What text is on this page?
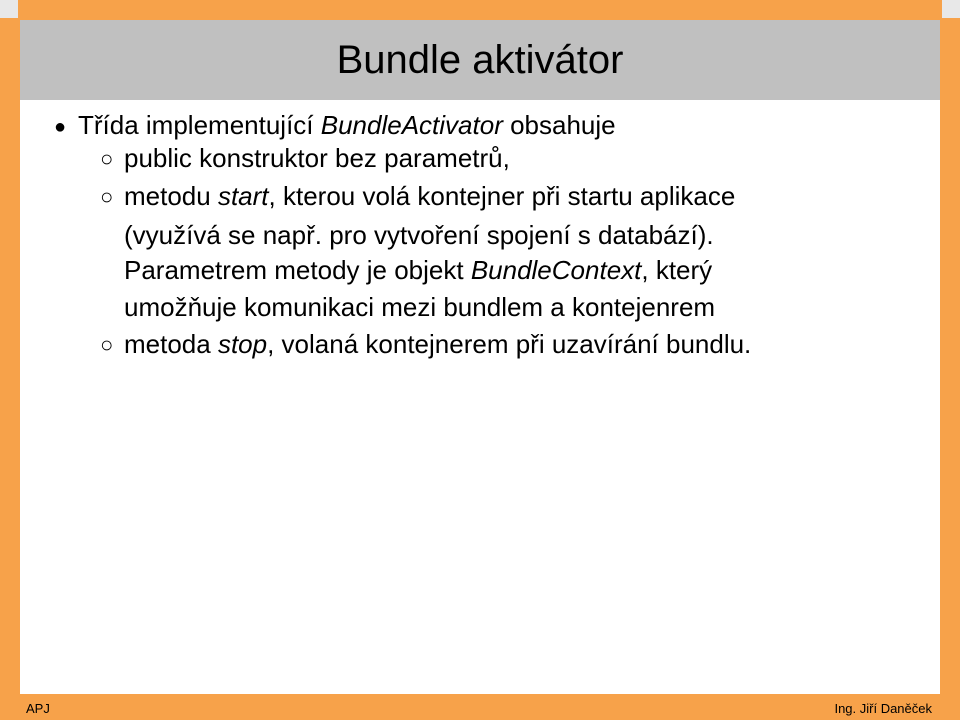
Bundle aktivátor
● Třída implementující BundleActivator obsahuje
○ public konstruktor bez parametrů,
○ metodu start, kterou volá kontejner při startu aplikace
(využívá se např. pro vytvoření spojení s databází).
Parametrem metody je objekt BundleContext, který
umožňuje komunikaci mezi bundlem a kontejenrem
○ metoda stop, volaná kontejnerem při uzavírání bundlu.
APJ	Ing. Jiří Daněček
